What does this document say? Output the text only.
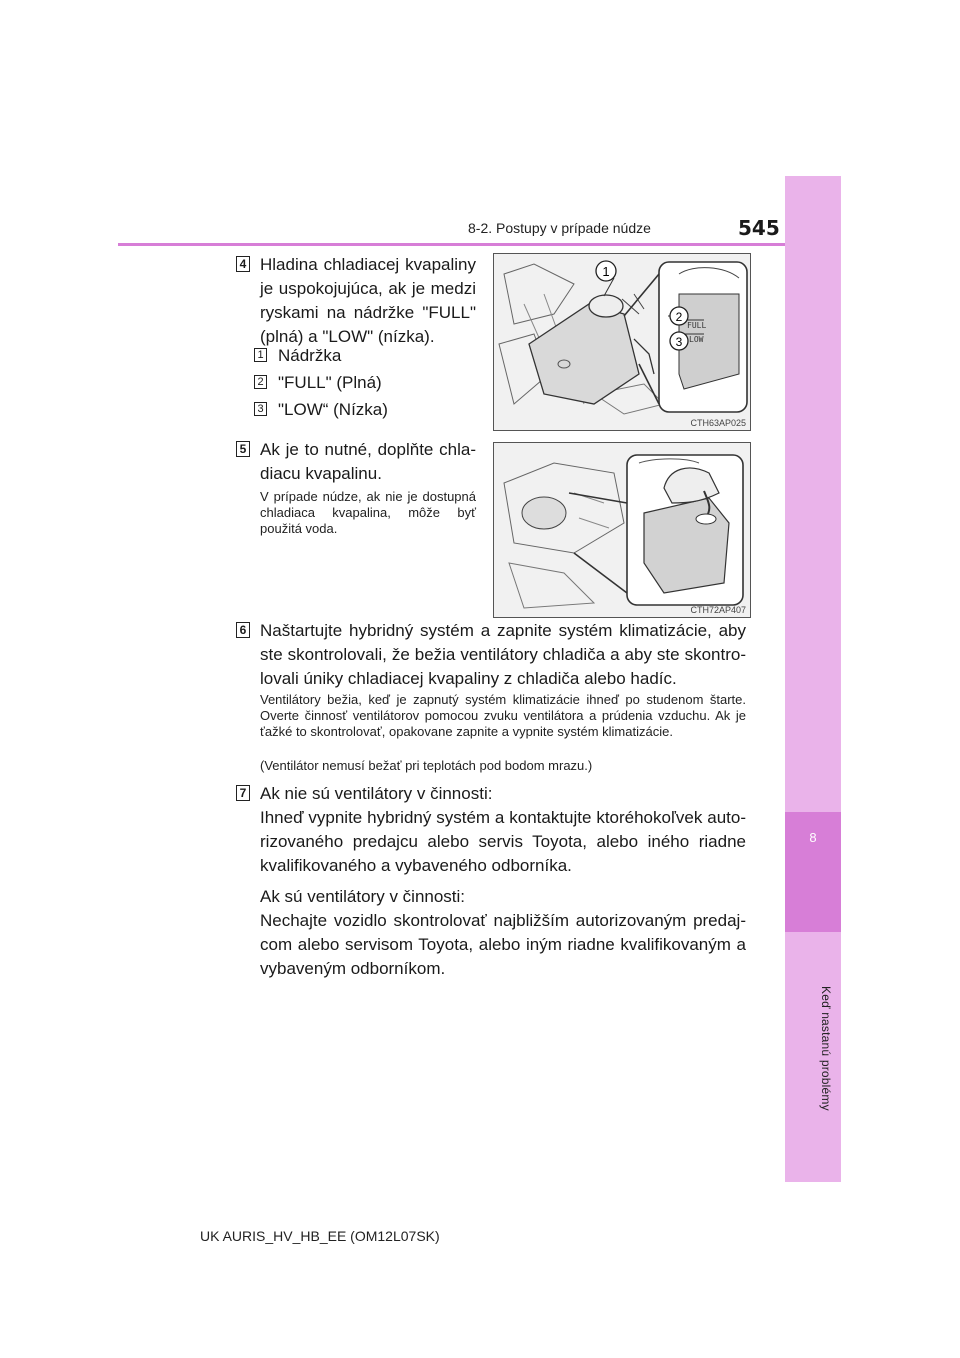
8-2. Postupy v prípade núdze	545
8
Keď nastanú problémy
4 Hladina chladiacej kvapaliny je uspokojujúca, ak je medzi ryskami na nádržke "FULL" (plná) a "LOW" (nízka).
1 Nádržka
2 "FULL" (Plná)
3 "LOW“ (Nízka)
FULL
LOW
1
2
3
CTH63AP025
5 Ak je to nutné, doplňte chladiacu kvapalinu.
V prípade núdze, ak nie je dostupná chladiaca kvapalina, môže byť použitá voda.
CTH72AP407
6 Naštartujte hybridný systém a zapnite systém klimatizácie, aby ste skontrolovali, že bežia ventilátory chladiča a aby ste skontrolovali úniky chladiacej kvapaliny z chladiča alebo hadíc.
Ventilátory bežia, keď je zapnutý systém klimatizácie ihneď po studenom štarte. Overte činnosť ventilátorov pomocou zvuku ventilátora a prúdenia vzduchu. Ak je ťažké to skontrolovať, opakovane zapnite a vypnite systém klimatizácie.
(Ventilátor nemusí bežať pri teplotách pod bodom mrazu.)
7 Ak nie sú ventilátory v činnosti:
Ihneď vypnite hybridný systém a kontaktujte ktoréhokoľvek autorizovaného predajcu alebo servis Toyota, alebo iného riadne kvalifikovaného a vybaveného odborníka.
Ak sú ventilátory v činnosti:
Nechajte vozidlo skontrolovať najbližším autorizovaným predajcom alebo servisom Toyota, alebo iným riadne kvalifikovaným a vybaveným odborníkom.
UK AURIS_HV_HB_EE (OM12L07SK)
